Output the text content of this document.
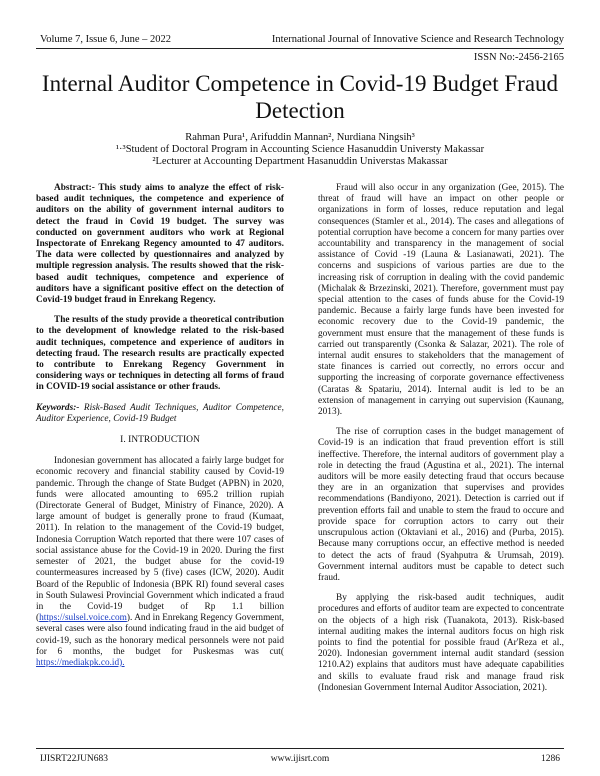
Volume 7, Issue 6, June – 2022	International Journal of Innovative Science and Research Technology
ISSN No:-2456-2165
Internal Auditor Competence in Covid-19 Budget Fraud Detection
Rahman Pura¹, Arifuddin Mannan², Nurdiana Ningsih³
¹·³Student of Doctoral Program in Accounting Science Hasanuddin Universty Makassar
²Lecturer at Accounting Department Hasanuddin Universtas Makassar

Abstract:- This study aims to analyze the effect of risk-based audit techniques, the competence and experience of auditors on the ability of government internal auditors to detect the fraud in Covid 19 budget. The survey was conducted on government auditors who work at Regional Inspectorate of Enrekang Regency amounted to 47 auditors. The data were collected by questionnaires and analyzed by multiple regression analysis. The results showed that the risk-based audit techniques, competence and experience of auditors have a significant positive effect on the detection of Covid-19 budget fraud in Enrekang Regency.

The results of the study provide a theoretical contribution to the development of knowledge related to the risk-based audit techniques, competence and experience of auditors in detecting fraud. The research results are practically expected to contribute to Enrekang Regency Government in considering ways or techniques in detecting all forms of fraud in COVID-19 social assistance or other frauds.

Keywords:- Risk-Based Audit Techniques, Auditor Competence, Auditor Experience, Covid-19 Budget

I. INTRODUCTION

Indonesian government has allocated a fairly large budget for economic recovery and financial stability caused by Covid-19 pandemic. Through the change of State Budget (APBN) in 2020, funds were allocated amounting to 695.2 trillion rupiah (Directorate General of Budget, Ministry of Finance, 2020). A large amount of budget is generally prone to fraud (Kumaat, 2011). In relation to the management of the Covid-19 budget, Indonesia Corruption Watch reported that there were 107 cases of social assistance abuse for the Covid-19 in 2020. During the first semester of 2021, the budget abuse for the covid-19 countermeasures increased by 5 (five) cases (ICW, 2020). Audit Board of the Republic of Indonesia (BPK RI) found several cases in South Sulawesi Provincial Government which indicated a fraud in the Covid-19 budget of Rp 1.1 billion (https://sulsel.voice.com). And in Enrekang Regency Government, several cases were also found indicating fraud in the aid budget of covid-19, such as the honorary medical personnels were not paid for 6 months, the budget for Puskesmas was cut( https://mediakpk.co.id).

Fraud will also occur in any organization (Gee, 2015). The threat of fraud will have an impact on other people or organizations in form of losses, reduce reputation and legal consequences (Stamler et al., 2014). The cases and allegations of potential corruption have become a concern for many parties over accountability and transparency in the management of social assistance of Covid -19 (Launa & Lasianawati, 2021). The concerns and suspicions of various parties are due to the increasing risk of corruption in dealing with the covid pandemic (Michalak & Brzezinski, 2021). Therefore, government must pay special attention to the cases of funds abuse for the Covid-19 pandemic. Because a fairly large funds have been invested for economic recovery due to the Covid-19 pandemic, the government must ensure that the management of these funds is carried out transparently (Csonka & Salazar, 2021). The role of internal audit ensures to stakeholders that the management of state finances is carried out correctly, no errors occur and supporting the increasing of corporate governance effectiveness (Caratas & Spatariu, 2014). Internal audit is led to be an extension of management in carrying out supervision (Kaunang, 2013).

The rise of corruption cases in the budget management of Covid-19 is an indication that fraud prevention effort is still ineffective. Therefore, the internal auditors of government play a role in detecting the fraud (Agustina et al., 2021). The internal auditors will be more easily detecting fraud that occurs because they are in an organization that supervises and provides recommendations (Bandiyono, 2021). Detection is carried out if prevention efforts fail and unable to stem the fraud to occure and provide space for corruption actors to carry out their unscrupulous action (Oktaviani et al., 2016) and (Purba, 2015). Because many corruptions occur, an effective method is needed to detect the acts of fraud (Syahputra & Urumsah, 2019). Government internal auditors must be capable to detect such fraud.

By applying the risk-based audit techniques, audit procedures and efforts of auditor team are expected to concentrate on the objects of a high risk (Tuanakota, 2013). Risk-based internal auditing makes the internal auditors focus on high risk points to find the potential for possible fraud (Ar'Reza et al., 2020). Indonesian government internal audit standard (session 1210.A2) explains that auditors must have adequate capabilities and skills to evaluate fraud risk and manage fraud risk (Indonesian Government Internal Auditor Association, 2021).

IJISRT22JUN683	www.ijisrt.com	1286
